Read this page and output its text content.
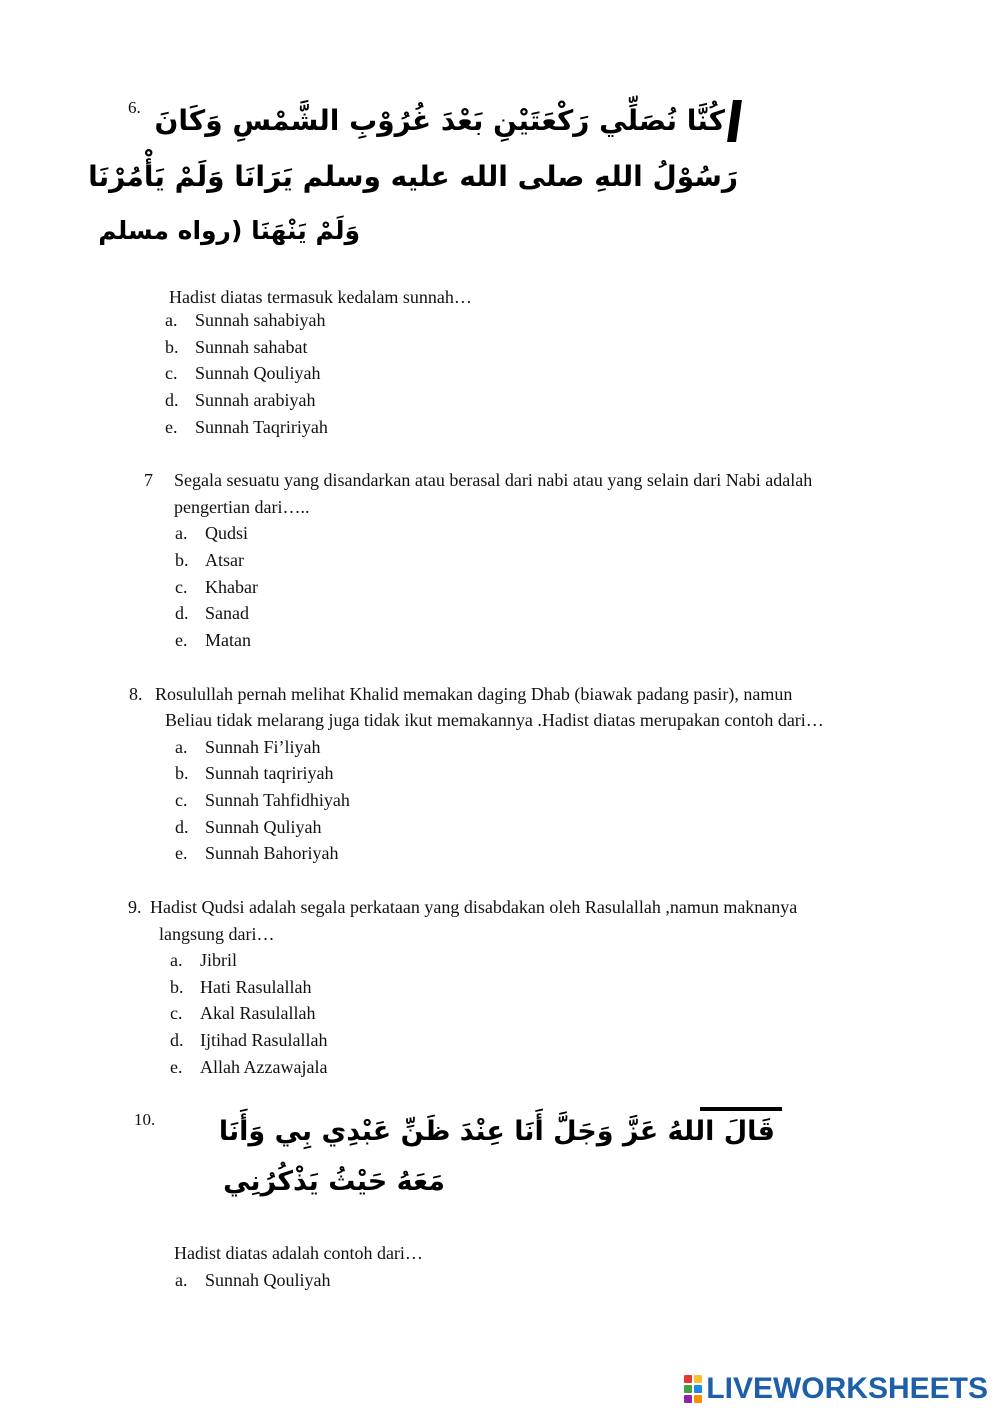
6. كُنَّا نُصَلِّي رَكْعَتَيْنِ بَعْدَ غُرُوْبِ الشَّمْسِ وَكَانَ
رَسُوْلُ اللهِ صلى الله عليه وسلم يَرَانَا وَلَمْ يَأْمُرْنَا
وَلَمْ يَنْهَنَا (رواه مسلم
Hadist diatas termasuk kedalam sunnah…
a. Sunnah sahabiyah
b. Sunnah sahabat
c. Sunnah Qouliyah
d. Sunnah arabiyah
e. Sunnah Taqririyah
7 Segala sesuatu yang disandarkan atau berasal dari nabi atau yang selain dari Nabi adalah
pengertian dari…..
a. Qudsi
b. Atsar
c. Khabar
d. Sanad
e. Matan
8. Rosulullah pernah melihat Khalid memakan daging Dhab (biawak padang pasir), namun
Beliau tidak melarang juga tidak ikut memakannya .Hadist diatas merupakan contoh dari…
a. Sunnah Fi’liyah
b. Sunnah taqririyah
c. Sunnah Tahfidhiyah
d. Sunnah Quliyah
e. Sunnah Bahoriyah
9. Hadist Qudsi adalah segala perkataan yang disabdakan oleh Rasulallah ,namun maknanya
langsung dari…
a. Jibril
b. Hati Rasulallah
c. Akal Rasulallah
d. Ijtihad Rasulallah
e. Allah Azzawajala
10. قَالَ اللهُ عَزَّ وَجَلَّ أَنَا عِنْدَ ظَنِّ عَبْدِي بِي وَأَنَا
مَعَهُ حَيْثُ يَذْكُرُنِي
Hadist diatas adalah contoh dari…
a. Sunnah Qouliyah
LIVEWORKSHEETS
